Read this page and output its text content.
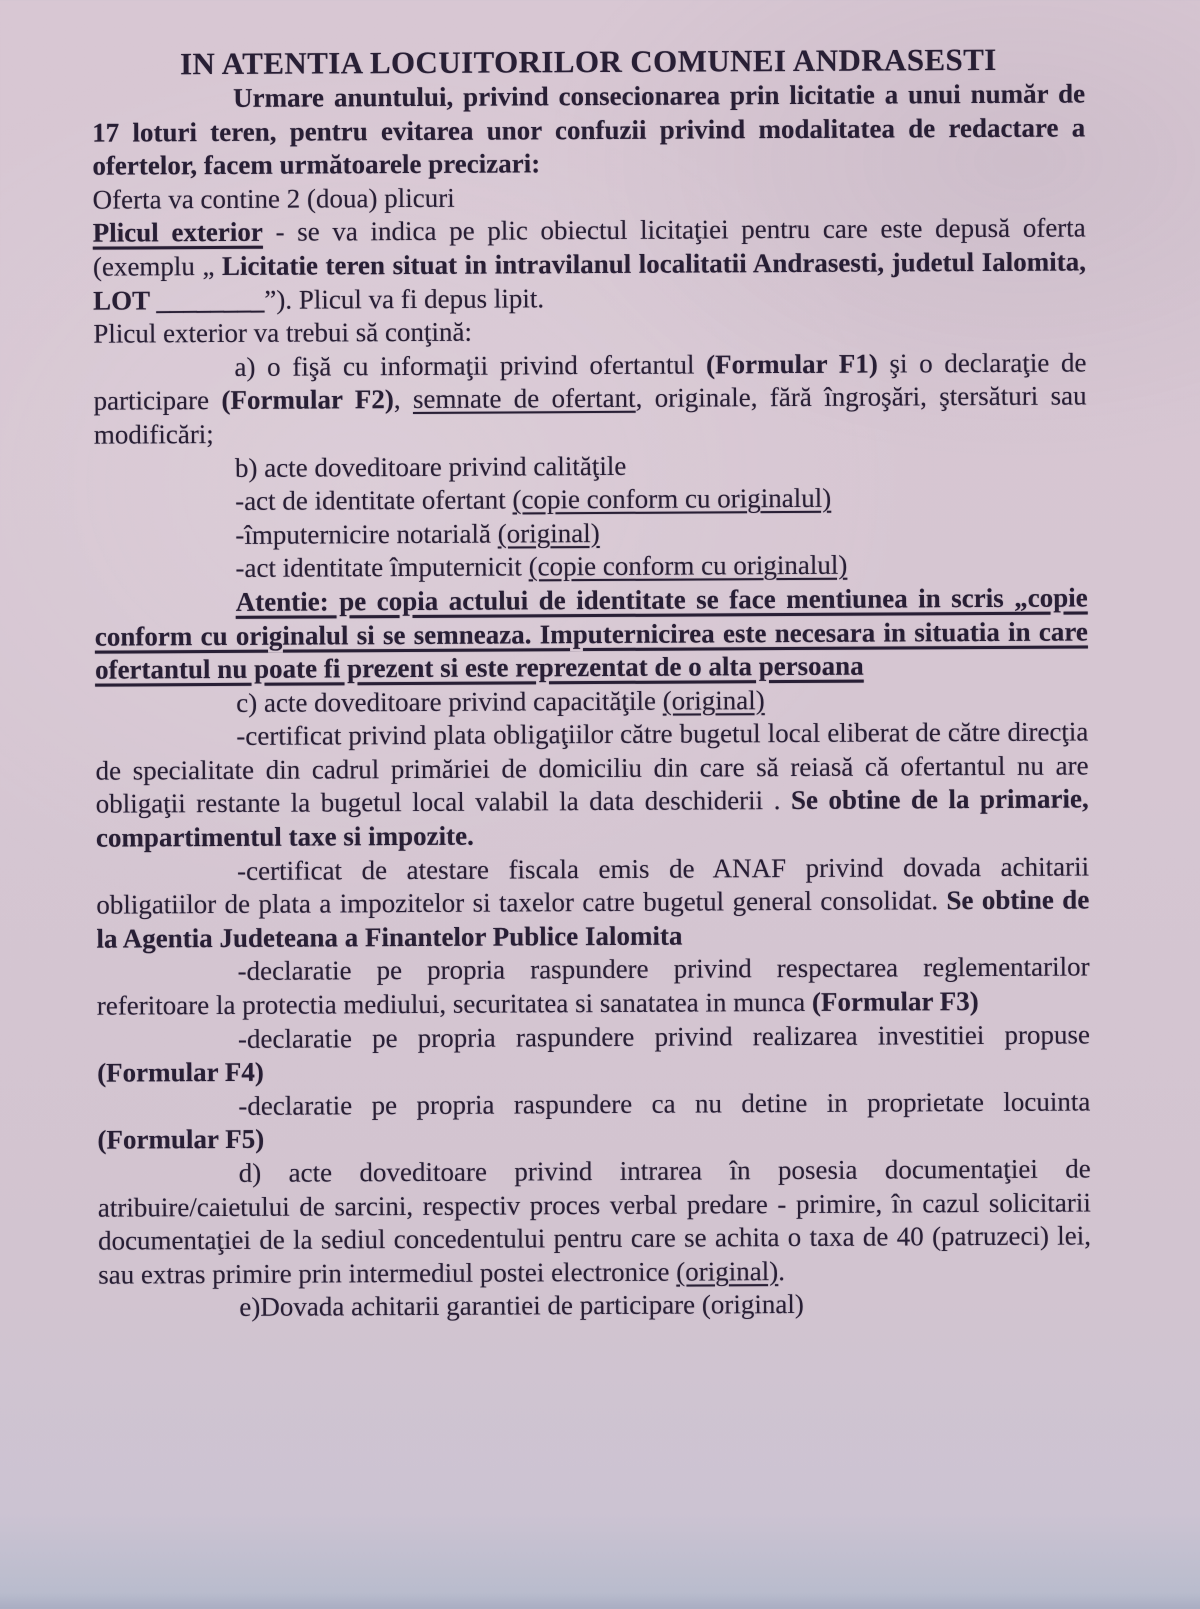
IN ATENTIA LOCUITORILOR COMUNEI ANDRASESTI

Urmare anuntului, privind consecionarea prin licitatie a unui număr de 17 loturi teren, pentru evitarea unor confuzii privind modalitatea de redactare a ofertelor, facem următoarele precizari:

Oferta va contine 2 (doua) plicuri

Plicul exterior - se va indica pe plic obiectul licitaţiei pentru care este depusă oferta (exemplu „ Licitatie teren situat in intravilanul localitatii Andrasesti, judetul Ialomita, LOT ________”). Plicul va fi depus lipit.

Plicul exterior va trebui să conţină:

a) o fişă cu informaţii privind ofertantul (Formular F1) şi o declaraţie de participare (Formular F2), semnate de ofertant, originale, fără îngroşări, ştersături sau modificări;

b) acte doveditoare privind calităţile

-act de identitate ofertant (copie conform cu originalul)

-împuternicire notarială (original)

-act identitate împuternicit (copie conform cu originalul)

Atentie: pe copia actului de identitate se face mentiunea in scris „copie conform cu originalul si se semneaza. Imputernicirea este necesara in situatia in care ofertantul nu poate fi prezent si este reprezentat de o alta persoana

c) acte doveditoare privind capacităţile (original)

-certificat privind plata obligaţiilor către bugetul local eliberat de către direcţia de specialitate din cadrul primăriei de domiciliu din care să reiasă că ofertantul nu are obligaţii restante la bugetul local valabil la data deschiderii . Se obtine de la primarie, compartimentul taxe si impozite.

-certificat de atestare fiscala emis de ANAF privind dovada achitarii obligatiilor de plata a impozitelor si taxelor catre bugetul general consolidat. Se obtine de la Agentia Judeteana a Finantelor Publice Ialomita

-declaratie pe propria raspundere privind respectarea reglementarilor referitoare la protectia mediului, securitatea si sanatatea in munca (Formular F3)

-declaratie pe propria raspundere privind realizarea investitiei propuse (Formular F4)

-declaratie pe propria raspundere ca nu detine in proprietate locuinta (Formular F5)

d) acte doveditoare privind intrarea în posesia documentaţiei de atribuire/caietului de sarcini, respectiv proces verbal predare - primire, în cazul solicitarii documentaţiei de la sediul concedentului pentru care se achita o taxa de 40 (patruzeci) lei, sau extras primire prin intermediul postei electronice (original).

e)Dovada achitarii garantiei de participare (original)
